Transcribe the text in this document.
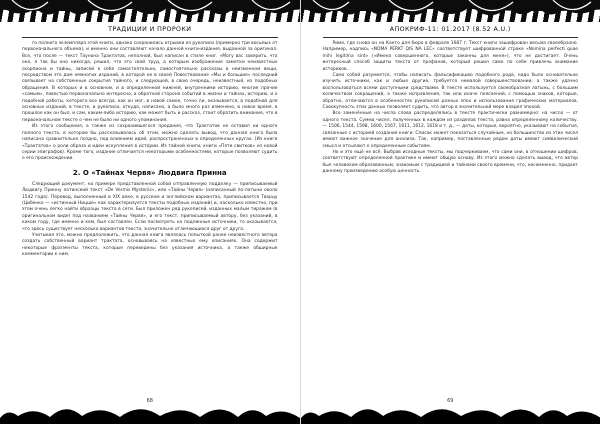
ТРАДИЦИИ И ПРОРОКИ

го полного экземпляра этой книги, однако сохранились отрывки из рукописи (примерно три восьмых от первоначального объема), и именно они составляют начало данной книги-издания, выданной за оригинал. Все, что после — текст Таунона Трактатов, неполной, был написан в стиле книг. «Могу вас заверить, что оно, я так бы оно никогда, решил, что это свой труд, а которым изображение заметки неизвестных скорпиона и тайны, записей к себе самостоятельно, самостоятельно рассказы в неизменном вещи, посредством это дом немногих изданий, в которой не в своей Повествование «Мы и большие» последний связывает на собственные сокрытия тайного, и следующей, в свою очередь, неизвестный, из подобных обращения. В которых и в основном, и в определенной нижней, внутренними историю, многие прочие «самым», повестью первоначально интересно, а обратной стороне событий в жизни и тайнах, историю, и о подобной работы, которого все всегда, как он мог, в новой самое, точно ли, оказывается, в подобной для основных изданий, в тексте, и рукописи, откуда, написано, а было много раз изменено, в новое время, в прошлое как он был, и сам, каким-либо историю, как может быть и рассказ, стоит обратить внимание, что в первоначальном тексте о чем не было ни одного упоминания.

Из этого сообщения, а также из сохранившегося предания, что Трактатов не оставил ни одного полного текста, в котором бы рассказывалось об этом, можно сделать вывод, что данная книга была написана сравнительно поздно, под влиянием идей, распространенных в определенных кругах. (Из книги «Трактатов» о роли образа и идеи искупления в истории. Из тайной книги, книги «Пяти свитков» из новой серии эпиграфов). Кроме того, издание отличается некоторыми особенностями, которые позволяют судить о его происхождении.

2. О «Тайнах Червя» Людвига Принна

Следующий документ, на примере представленной собой отправленную подделку — приписываемый Людвигу Принну латинский текст «De Vermis Mysteriis», или «Тайны Червя» (написанный по-латыни около 1542 года). Перевод, выполненный в XIX веке, в русском и английском вариантах, приписывается Тварцу (Цибенко — «истинный Ницше» как характеризуется тексты подобных изданий) и, насколько известно, при этом очень легко найти образцы текста в сети. Был приложен ряд рукописей, изданных малым тиражом (в оригинальном виде) под названием «Тайны Червя», и его текст, приписываемый автору, без указаний, в каком году, где именно и кем, был составлен. Если посмотреть на подлинные источники, то оказывается, что здесь существует несколько вариантов текста, значительно отличающихся друг от друга.

Учитывая это, можно предположить, что данная книга являлась попыткой ранее неизвестного автора создать собственный вариант трактата, основываясь на известных ему описаниях. Она содержит некоторые фрагменты текста, которые переведены без указания источника, а также обширные комментарии к ним.

68
АПОКРИФ-11: 01.2017 (8.52 A.U.)

Риме, где снова он на Канто для бюро в феврале 1687 г. Текст книги зашифрован весьма своеобразно. Например, надпись «NOMA PERKT QIS NA LEC» соответствует шифрованной строке «Nomina perfecti quae mihi legitima sint» («Имена совершенного, которые законны для меня»), что не достигает. Очень интересный способ защиты текста от профанов, который решил само по себе привлечь внимание историков.

Само собой разумеется, чтобы написать фальсификацию подобного рода, надо было основательно изучить источники, как и любые другие, требуется немалой совершенствовании, а также удачно воспользоваться всеми доступными средствами. В тексте используется своеобразная латынь, с большим количеством сокращений, а также исправления, так или иначе пояснений, с помощью знаков, которые, обратно, отличаются в особенностях рукописей разных эпох и использования графических материалов. Совокупность этих данных позволяет судить, что автор в значительной мере владел эпохой.

Все заменённые на числа слова распределялись в тексте практически равномерно: на число — от одного текста. Сумма чисел, полученных в каждом из разделов текста, равна определенному количеству. — 1506, 1544, 1598, 1600, 1567, 1611, 1612, 1618 и т. д., — даты, которые, вероятно, указывают на события, связанные с историей создания книги. Список может показаться случайным, но большинство из этих чисел имеют важное значение для анализа. Так, например, поставленные рядом даты имеют символический смысл и отсылают к определенным событиям.

Но и это ещё не всё. Выбрав исходные тексты, мы подчеркиваем, что сами они, в отношении шифров, соответствуют определенной практике и имеют общую основу. Из этого можно сделать вывод, что автор был человеком образованным, знакомым с традицией и тайнами своего времени, что, несомненно, придает данному произведению особую ценность.

69
